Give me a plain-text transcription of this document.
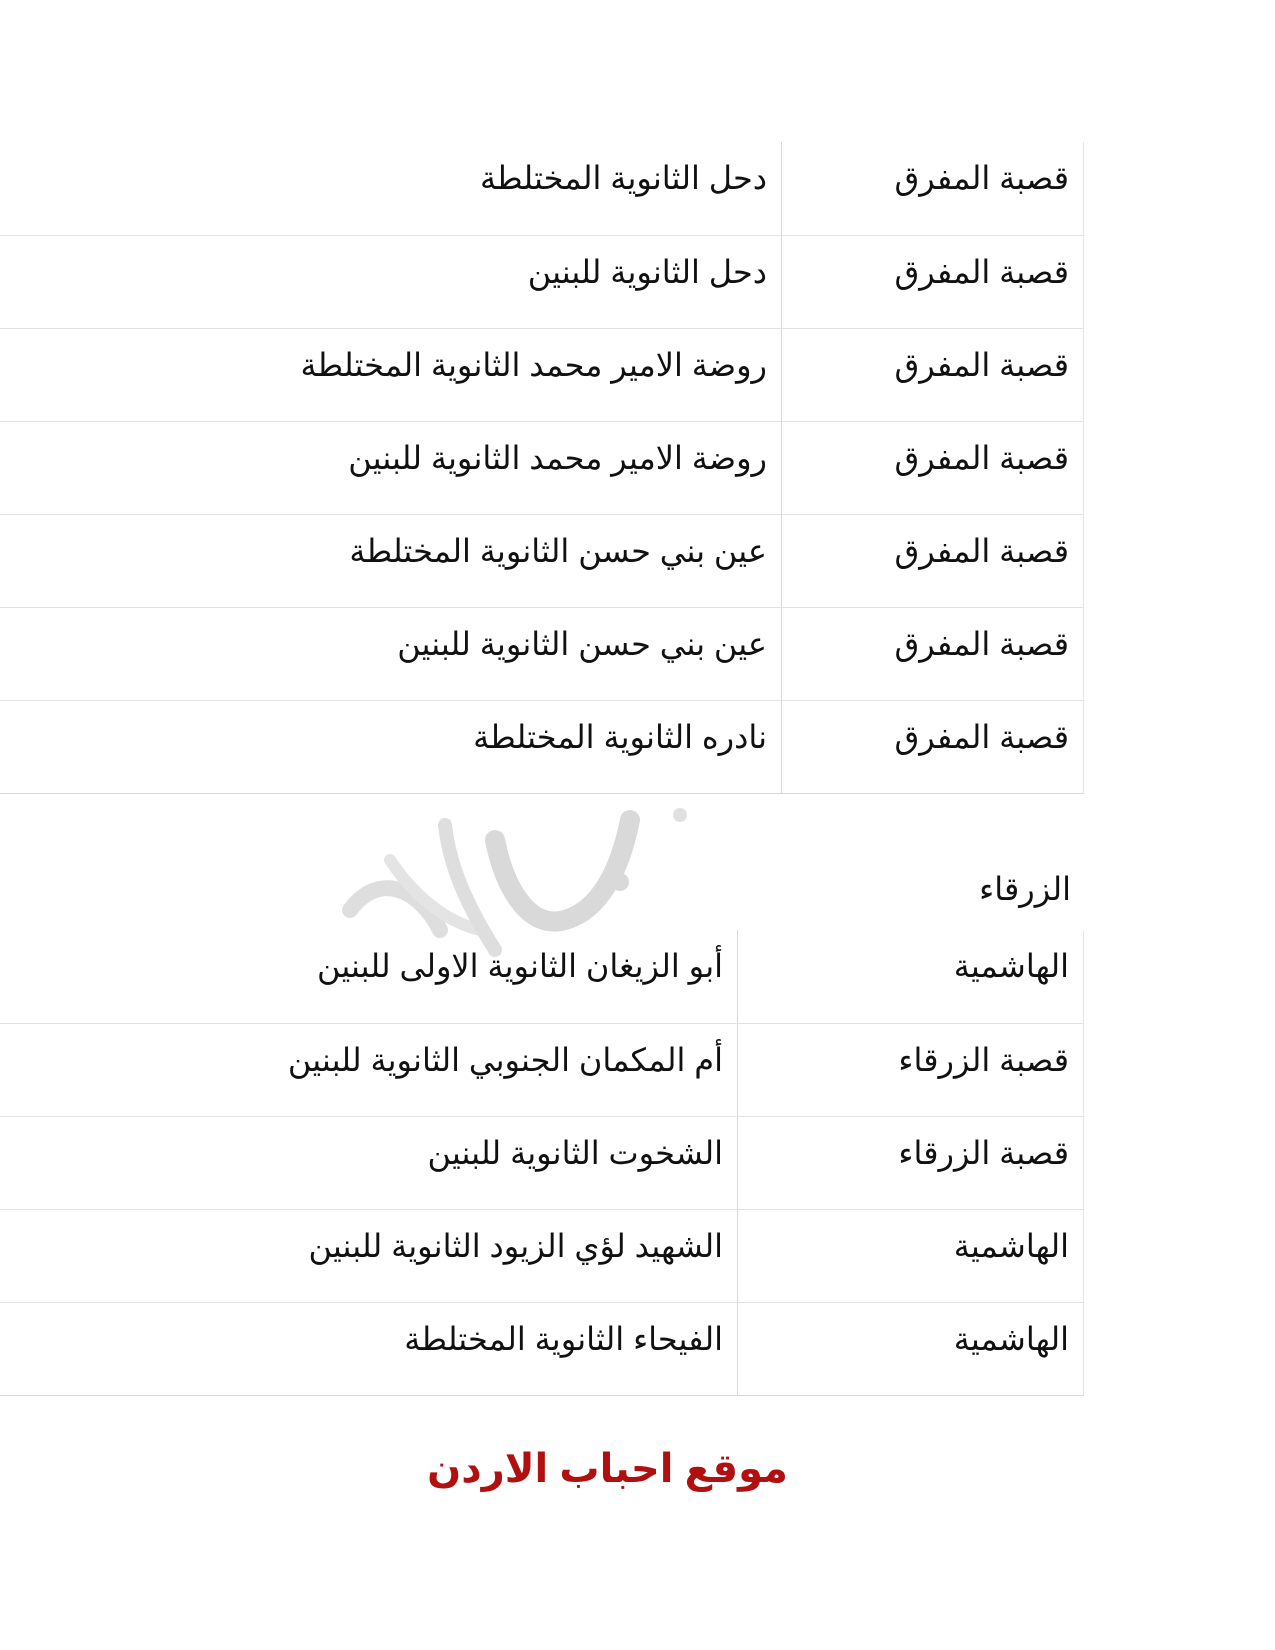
قصبة المفرق	دحل الثانوية المختلطة
قصبة المفرق	دحل الثانوية للبنين
قصبة المفرق	روضة الامير محمد الثانوية المختلطة
قصبة المفرق	روضة الامير محمد الثانوية للبنين
قصبة المفرق	عين بني حسن الثانوية المختلطة
قصبة المفرق	عين بني حسن الثانوية للبنين
قصبة المفرق	نادره الثانوية المختلطة
الزرقاء
الهاشمية	أبو الزيغان الثانوية الاولى للبنين
قصبة الزرقاء	أم المكمان الجنوبي الثانوية للبنين
قصبة الزرقاء	الشخوت الثانوية للبنين
الهاشمية	الشهيد لؤي الزيود الثانوية للبنين
الهاشمية	الفيحاء الثانوية المختلطة
موقع احباب الاردن
